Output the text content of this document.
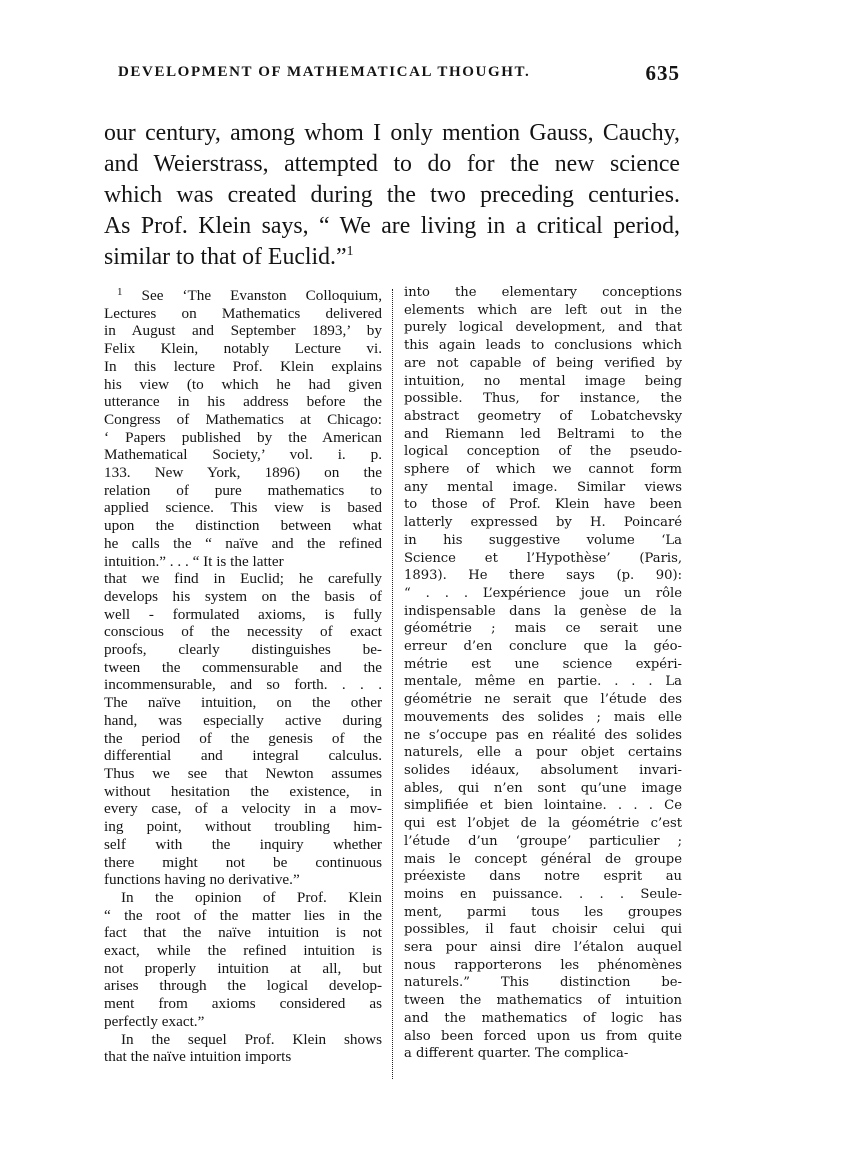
DEVELOPMENT OF MATHEMATICAL THOUGHT.	635
our century, among whom I only mention Gauss, Cauchy,
and Weierstrass, attempted to do for the new science
which was created during the two preceding centuries.
As Prof. Klein says, “ We are living in a critical period,
similar to that of Euclid.”$^1$
$^1$ See ‘The Evanston Colloquium,
Lectures on Mathematics delivered
in August and September 1893,’ by
Felix Klein, notably Lecture vi.
In this lecture Prof. Klein explains
his view (to which he had given
utterance in his address before the
Congress of Mathematics at Chicago:
‘ Papers published by the American
Mathematical Society,’ vol. i. p.
133. New York, 1896) on the
relation of pure mathematics to
applied science. This view is based
upon the distinction between what
he calls the “ naïve and the refined
intuition.” . . . “ It is the latter
that we find in Euclid; he carefully
develops his system on the basis of
well - formulated axioms, is fully
conscious of the necessity of exact
proofs, clearly distinguishes be-
tween the commensurable and the
incommensurable, and so forth. . . .
The naïve intuition, on the other
hand, was especially active during
the period of the genesis of the
differential and integral calculus.
Thus we see that Newton assumes
without hesitation the existence, in
every case, of a velocity in a mov-
ing point, without troubling him-
self with the inquiry whether
there might not be continuous
functions having no derivative.”
In the opinion of Prof. Klein
“ the root of the matter lies in the
fact that the naïve intuition is not
exact, while the refined intuition is
not properly intuition at all, but
arises through the logical develop-
ment from axioms considered as
perfectly exact.”
In the sequel Prof. Klein shows
that the naïve intuition imports
into the elementary conceptions
elements which are left out in the
purely logical development, and that
this again leads to conclusions which
are not capable of being verified by
intuition, no mental image being
possible. Thus, for instance, the
abstract geometry of Lobatchevsky
and Riemann led Beltrami to the
logical conception of the pseudo-
sphere of which we cannot form
any mental image. Similar views
to those of Prof. Klein have been
latterly expressed by H. Poincaré
in his suggestive volume ‘La
Science et l’Hypothèse’ (Paris,
1893). He there says (p. 90):
“ . . . L’expérience joue un rôle
indispensable dans la genèse de la
géométrie ; mais ce serait une
erreur d’en conclure que la géo-
métrie est une science expéri-
mentale, même en partie. . . . La
géométrie ne serait que l’étude des
mouvements des solides ; mais elle
ne s’occupe pas en réalité des solides
naturels, elle a pour objet certains
solides idéaux, absolument invari-
ables, qui n’en sont qu’une image
simplifiée et bien lointaine. . . . Ce
qui est l’objet de la géométrie c’est
l’étude d’un ‘groupe’ particulier ;
mais le concept général de groupe
préexiste dans notre esprit au
moins en puissance. . . . Seule-
ment, parmi tous les groupes
possibles, il faut choisir celui qui
sera pour ainsi dire l’étalon auquel
nous rapporterons les phénomènes
naturels.” This distinction be-
tween the mathematics of intuition
and the mathematics of logic has
also been forced upon us from quite
a different quarter. The complica-
